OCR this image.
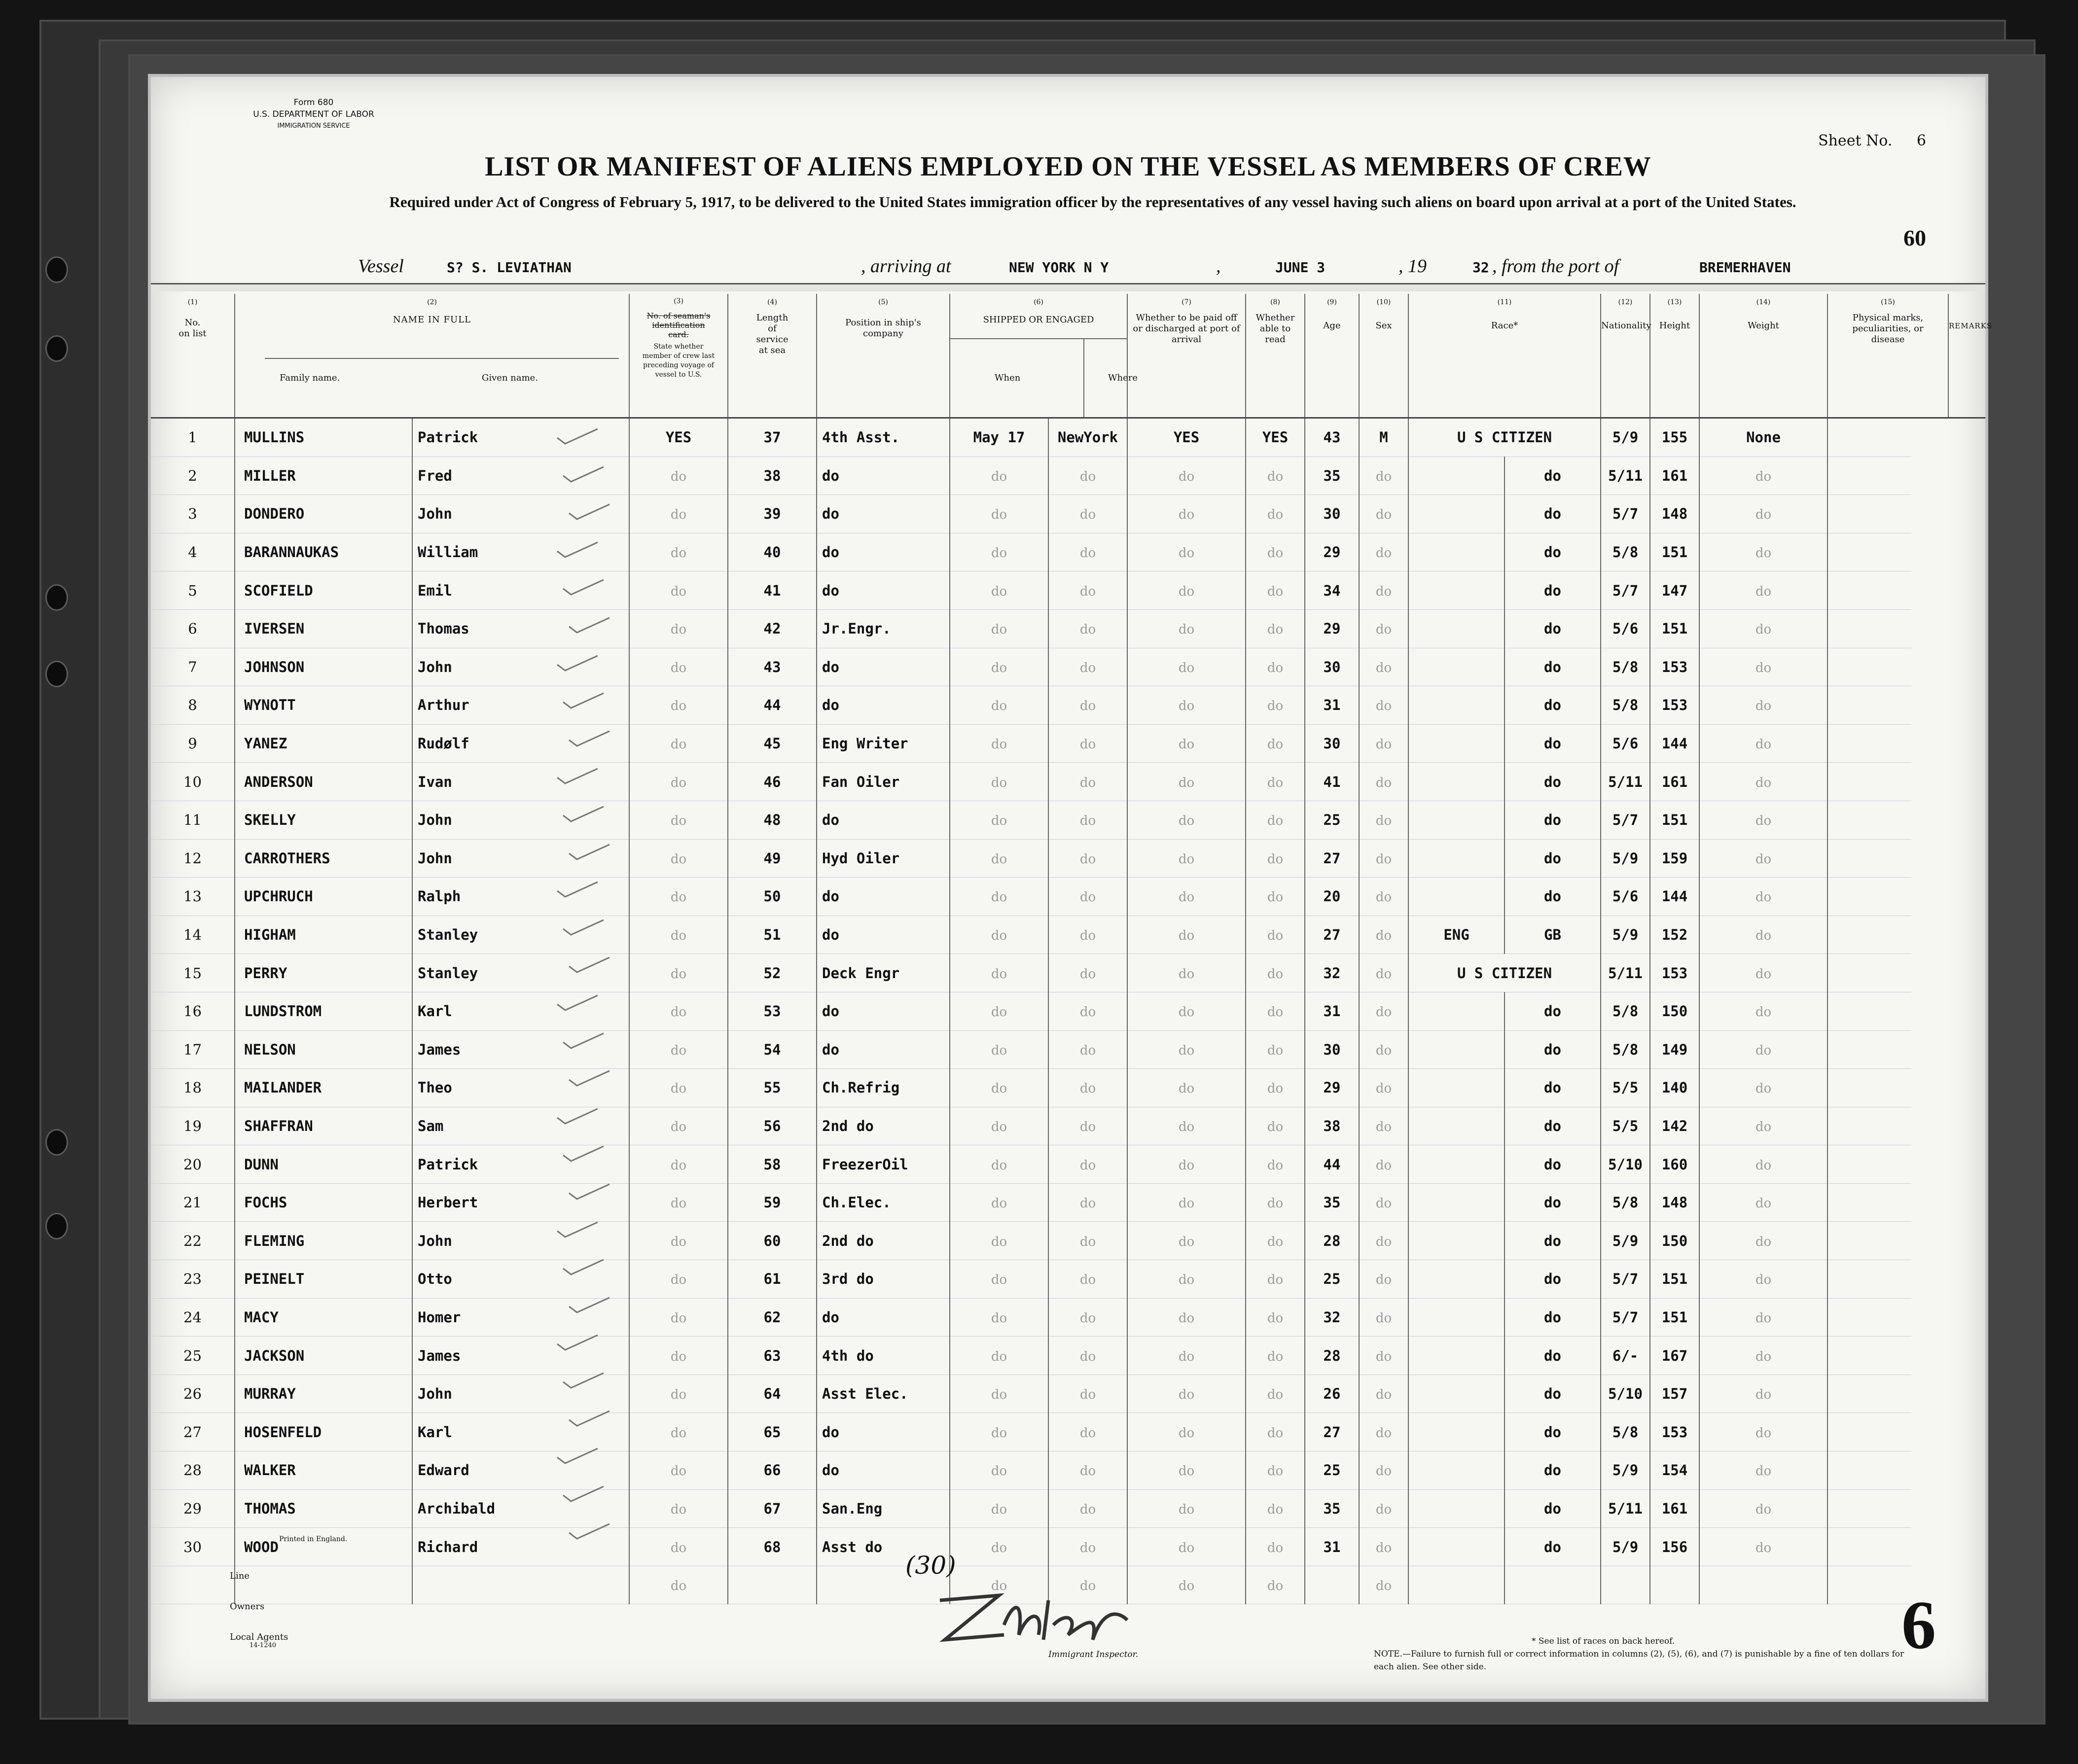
Form 680
U.S. DEPARTMENT OF LABOR
IMMIGRATION SERVICE
Sheet No. 6
LIST OR MANIFEST OF ALIENS EMPLOYED ON THE VESSEL AS MEMBERS OF CREW
Required under Act of Congress of February 5, 1917, to be delivered to the United States immigration officer by the representatives of any vessel having such aliens on board upon arrival at a port of the United States.
60
Vessel	S? S. LEVIATHAN	, arriving at	NEW YORK N Y	,	JUNE 3	, 19	32 , from the port of	BREMERHAVEN
(1)
No. on list	(2)
NAME IN FULL
Family name. Given name.		(3)
No. of seaman's identification card.
State whether member of crew last preceding voyage of vessel to U.S.	(4)
Length of service at sea	(5)
Position in ship's company	(6)
SHIPPED OR ENGAGED
When Where		(7)
Whether to be paid off or discharged at port of arrival	(8)
Whether able to read	(9)
Age	(10)
Sex	(11)
Race*		(12)
Nationality	(13)
Height	(14)
Weight	(15)
Physical marks, peculiarities, or disease	REMARKS

1	MULLINS	Patrick	YES	37	4th Asst.	May 17	NewYork	YES	YES	43	M	U S CITIZEN		5/9	155	None		
2	MILLER	Fred	do	38	do	do	do	do	do	35	do		do	5/11	161	do		
3	DONDERO	John	do	39	do	do	do	do	do	30	do		do	5/7	148	do		
4	BARANNAUKAS	William	do	40	do	do	do	do	do	29	do		do	5/8	151	do		
5	SCOFIELD	Emil	do	41	do	do	do	do	do	34	do		do	5/7	147	do		
6	IVERSEN	Thomas	do	42	Jr.Engr.	do	do	do	do	29	do		do	5/6	151	do		
7	JOHNSON	John	do	43	do	do	do	do	do	30	do		do	5/8	153	do		
8	WYNOTT	Arthur	do	44	do	do	do	do	do	31	do		do	5/8	153	do		
9	YANEZ	Rudølf	do	45	Eng Writer	do	do	do	do	30	do		do	5/6	144	do		
10	ANDERSON	Ivan	do	46	Fan Oiler	do	do	do	do	41	do		do	5/11	161	do		
11	SKELLY	John	do	48	do	do	do	do	do	25	do		do	5/7	151	do		
12	CARROTHERS	John	do	49	Hyd Oiler	do	do	do	do	27	do		do	5/9	159	do		
13	UPCHRUCH	Ralph	do	50	do	do	do	do	do	20	do		do	5/6	144	do		
14	HIGHAM	Stanley	do	51	do	do	do	do	do	27	do	ENG	GB	5/9	152	do		
15	PERRY	Stanley	do	52	Deck Engr	do	do	do	do	32	do	U S CITIZEN		5/11	153	do		
16	LUNDSTROM	Karl	do	53	do	do	do	do	do	31	do		do	5/8	150	do		
17	NELSON	James	do	54	do	do	do	do	do	30	do		do	5/8	149	do		
18	MAILANDER	Theo	do	55	Ch.Refrig	do	do	do	do	29	do		do	5/5	140	do		
19	SHAFFRAN	Sam	do	56	2nd do	do	do	do	do	38	do		do	5/5	142	do		
20	DUNN	Patrick	do	58	FreezerOil	do	do	do	do	44	do		do	5/10	160	do		
21	FOCHS	Herbert	do	59	Ch.Elec.	do	do	do	do	35	do		do	5/8	148	do		
22	FLEMING	John	do	60	2nd do	do	do	do	do	28	do		do	5/9	150	do		
23	PEINELT	Otto	do	61	3rd do	do	do	do	do	25	do		do	5/7	151	do		
24	MACY	Homer	do	62	do	do	do	do	do	32	do		do	5/7	151	do		
25	JACKSON	James	do	63	4th do	do	do	do	do	28	do		do	6/-	167	do		
26	MURRAY	John	do	64	Asst Elec.	do	do	do	do	26	do		do	5/10	157	do		
27	HOSENFELD	Karl	do	65	do	do	do	do	do	27	do		do	5/8	153	do		
28	WALKER	Edward	do	66	do	do	do	do	do	25	do		do	5/9	154	do		
29	THOMAS	Archibald	do	67	San.Eng	do	do	do	do	35	do		do	5/11	161	do		
30	WOOD	Richard	do	68	Asst do	do	do	do	do	31	do		do	5/9	156	do		
			do			do	do	do	do		do							
Printed in England.
(30)
Immigrant Inspector.
* See list of races on back hereof.
NOTE.—Failure to furnish full or correct information in columns (2), (5), (6), and (7) is punishable by a fine of ten dollars for each alien. See other side.
6
Line
Owners
Local Agents
14-1240
